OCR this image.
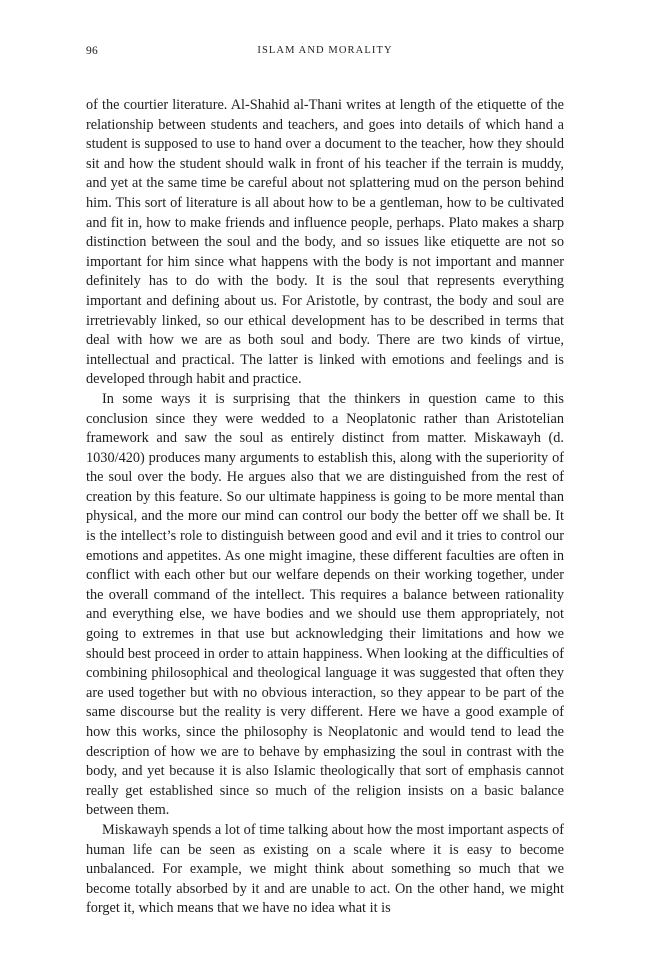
96	ISLAM AND MORALITY

of the courtier literature. Al-Shahid al-Thani writes at length of the etiquette of the relationship between students and teachers, and goes into details of which hand a student is supposed to use to hand over a document to the teacher, how they should sit and how the student should walk in front of his teacher if the terrain is muddy, and yet at the same time be careful about not splattering mud on the person behind him. This sort of literature is all about how to be a gentleman, how to be cultivated and fit in, how to make friends and influence people, perhaps. Plato makes a sharp distinction between the soul and the body, and so issues like etiquette are not so important for him since what happens with the body is not important and manner definitely has to do with the body. It is the soul that represents everything important and defining about us. For Aristotle, by contrast, the body and soul are irretrievably linked, so our ethical development has to be described in terms that deal with how we are as both soul and body. There are two kinds of virtue, intellectual and practical. The latter is linked with emotions and feelings and is developed through habit and practice.

In some ways it is surprising that the thinkers in question came to this conclusion since they were wedded to a Neoplatonic rather than Aristotelian framework and saw the soul as entirely distinct from matter. Miskawayh (d. 1030/420) produces many arguments to establish this, along with the superiority of the soul over the body. He argues also that we are distinguished from the rest of creation by this feature. So our ultimate happiness is going to be more mental than physical, and the more our mind can control our body the better off we shall be. It is the intellect’s role to distinguish between good and evil and it tries to control our emotions and appetites. As one might imagine, these different faculties are often in conflict with each other but our welfare depends on their working together, under the overall command of the intellect. This requires a balance between rationality and everything else, we have bodies and we should use them appropriately, not going to extremes in that use but acknowledging their limitations and how we should best proceed in order to attain happiness. When looking at the difficulties of combining philosophical and theological language it was suggested that often they are used together but with no obvious interaction, so they appear to be part of the same discourse but the reality is very different. Here we have a good example of how this works, since the philosophy is Neoplatonic and would tend to lead the description of how we are to behave by emphasizing the soul in contrast with the body, and yet because it is also Islamic theologically that sort of emphasis cannot really get established since so much of the religion insists on a basic balance between them.

Miskawayh spends a lot of time talking about how the most important aspects of human life can be seen as existing on a scale where it is easy to become unbalanced. For example, we might think about something so much that we become totally absorbed by it and are unable to act. On the other hand, we might forget it, which means that we have no idea what it is
